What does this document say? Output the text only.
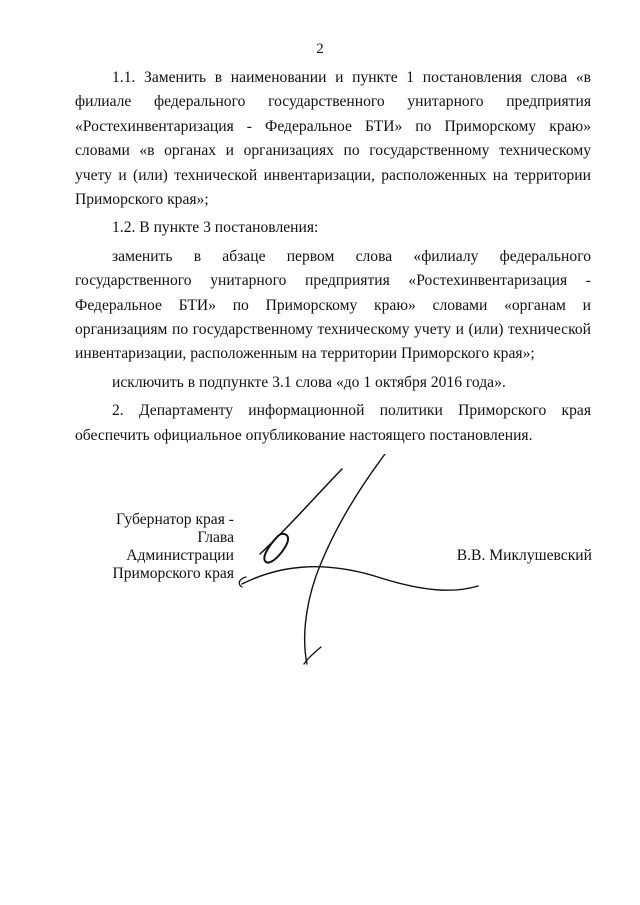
2

1.1. Заменить в наименовании и пункте 1 постановления слова «в филиале федерального государственного унитарного предприятия «Ростехинвентаризация - Федеральное БТИ» по Приморскому краю» словами «в органах и организациях по государственному техническому учету и (или) технической инвентаризации, расположенных на территории Приморского края»;

1.2. В пункте 3 постановления:

заменить в абзаце первом слова «филиалу федерального государственного унитарного предприятия «Ростехинвентаризация - Федеральное БТИ» по Приморскому краю» словами «органам и организациям по государственному техническому учету и (или) технической инвентаризации, расположенным на территории Приморского края»;

исключить в подпункте 3.1 слова «до 1 октября 2016 года».

2. Департаменту информационной политики Приморского края обеспечить официальное опубликование настоящего постановления.

Губернатор края -
Глава Администрации
Приморского края
В.В. Миклушевский
